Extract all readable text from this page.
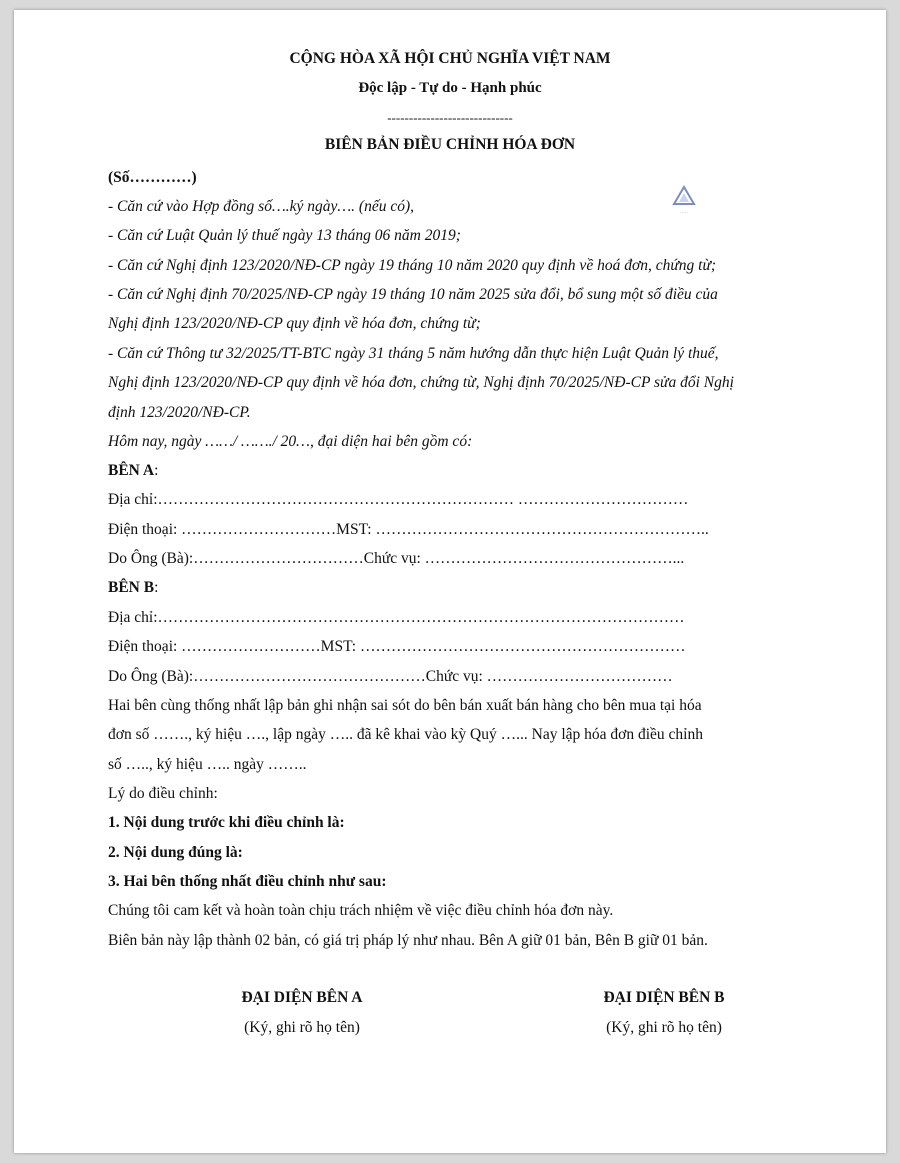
CỘNG HÒA XÃ HỘI CHỦ NGHĨA VIỆT NAM
Độc lập - Tự do - Hạnh phúc
-----------------------------
BIÊN BẢN ĐIỀU CHỈNH HÓA ĐƠN
(Số…………)
·····
- Căn cứ vào Hợp đồng số….ký ngày…. (nếu có),
- Căn cứ Luật Quản lý thuế ngày 13 tháng 06 năm 2019;
- Căn cứ Nghị định 123/2020/NĐ-CP ngày 19 tháng 10 năm 2020 quy định về hoá đơn, chứng từ;
- Căn cứ Nghị định 70/2025/NĐ-CP ngày 19 tháng 10 năm 2025 sửa đổi, bổ sung một số điều của
Nghị định 123/2020/NĐ-CP quy định về hóa đơn, chứng từ;
- Căn cứ Thông tư 32/2025/TT-BTC ngày 31 tháng 5 năm hướng dẫn thực hiện Luật Quản lý thuế,
Nghị định 123/2020/NĐ-CP quy định về hóa đơn, chứng từ, Nghị định 70/2025/NĐ-CP sửa đổi Nghị
định 123/2020/NĐ-CP.
Hôm nay, ngày ……/ ……./ 20…, đại diện hai bên gồm có:
BÊN A:
Địa chỉ:…………………………………………………………… ……………………………
Điện thoại: …………………………MST: ………………………………………………………..
Do Ông (Bà):……………………………Chức vụ: …………………………………………...
BÊN B:
Địa chỉ:…………………………………………………………………………………………
Điện thoại: ………………………MST: ………………………………………………………
Do Ông (Bà):………………………………………Chức vụ: ………………………………
Hai bên cùng thống nhất lập bản ghi nhận sai sót do bên bán xuất bán hàng cho bên mua tại hóa
đơn số ……., ký hiệu …., lập ngày ….. đã kê khai vào kỳ Quý …... Nay lập hóa đơn điều chỉnh
số ….., ký hiệu ….. ngày ……..
Lý do điều chỉnh:
1. Nội dung trước khi điều chỉnh là:
2. Nội dung đúng là:
3. Hai bên thống nhất điều chỉnh như sau:
Chúng tôi cam kết và hoàn toàn chịu trách nhiệm về việc điều chỉnh hóa đơn này.
Biên bản này lập thành 02 bản, có giá trị pháp lý như nhau. Bên A giữ 01 bản, Bên B giữ 01 bản.
ĐẠI DIỆN BÊN A
(Ký, ghi rõ họ tên)
ĐẠI DIỆN BÊN B
(Ký, ghi rõ họ tên)
